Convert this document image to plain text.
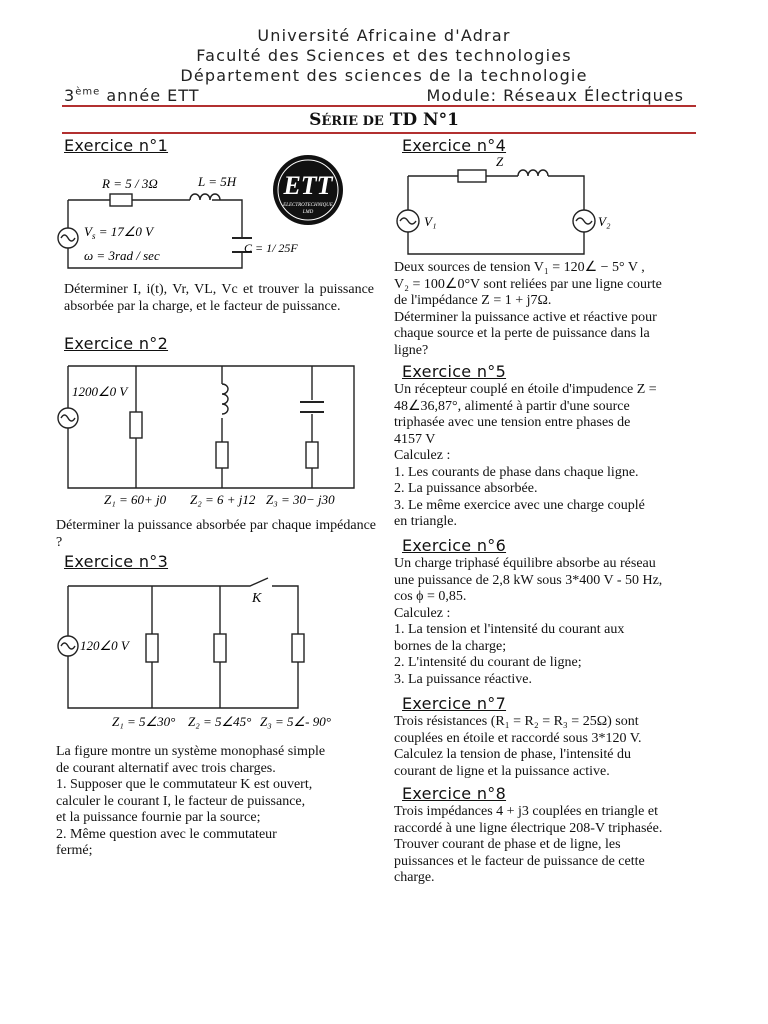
Université Africaine d'Adrar
Faculté des Sciences et des technologies
Département des sciences de la technologie
3ème année ETT	Module: Réseaux Électriques
SÉRIE DE TD N°1
Exercice n°1
R = 5 / 3Ω	L = 5H
$V_s$ = 17∠0 V
ω = 3rad / sec	C = 1/ 25F
ETT
ELECTROTECHNIQUE
LMD
Déterminer I, i(t), Vr, VL, Vc et trouver la puissance absorbée par la charge, et le facteur de puissance.
Exercice n°2
1200∠0 V
Z₁ = 60+ j0 Z₂ = 6 + j12 Z₃ = 30− j30
Déterminer la puissance absorbée par chaque impédance ?
Exercice n°3
K
120∠0 V
Z₁ = 5∠30° Z₂ = 5∠45° Z₃ = 5∠- 90°
La figure montre un système monophasé simple
de courant alternatif avec trois charges.
1. Supposer que le commutateur K est ouvert,
calculer le courant I, le facteur de puissance,
et la puissance fournie par la source;
2. Même question avec le commutateur
fermé;
Exercice n°4
Z
V₁	V₂
Deux sources de tension V₁ = 120∠ − 5° V ,
V₂ = 100∠0°V sont reliées par une ligne courte
de l'impédance Z = 1 + j7Ω.
Déterminer la puissance active et réactive pour
chaque source et la perte de puissance dans la
ligne?
Exercice n°5
Un récepteur couplé en étoile d'impudence Z =
48∠36,87°, alimenté à partir d'une source
triphasée avec une tension entre phases de
4157 V
Calculez :
1. Les courants de phase dans chaque ligne.
2. La puissance absorbée.
3. Le même exercice avec une charge couplé
en triangle.
Exercice n°6
Un charge triphasé équilibre absorbe au réseau
une puissance de 2,8 kW sous 3*400 V - 50 Hz,
cos ϕ = 0,85.
Calculez :
1. La tension et l'intensité du courant aux
bornes de la charge;
2. L'intensité du courant de ligne;
3. La puissance réactive.
Exercice n°7
Trois résistances (R₁ = R₂ = R₃ = 25Ω) sont
couplées en étoile et raccordé sous 3*120 V.
Calculez la tension de phase, l'intensité du
courant de ligne et la puissance active.
Exercice n°8
Trois impédances 4 + j3 couplées en triangle et
raccordé à une ligne électrique 208-V triphasée.
Trouver courant de phase et de ligne, les
puissances et le facteur de puissance de cette
charge.
